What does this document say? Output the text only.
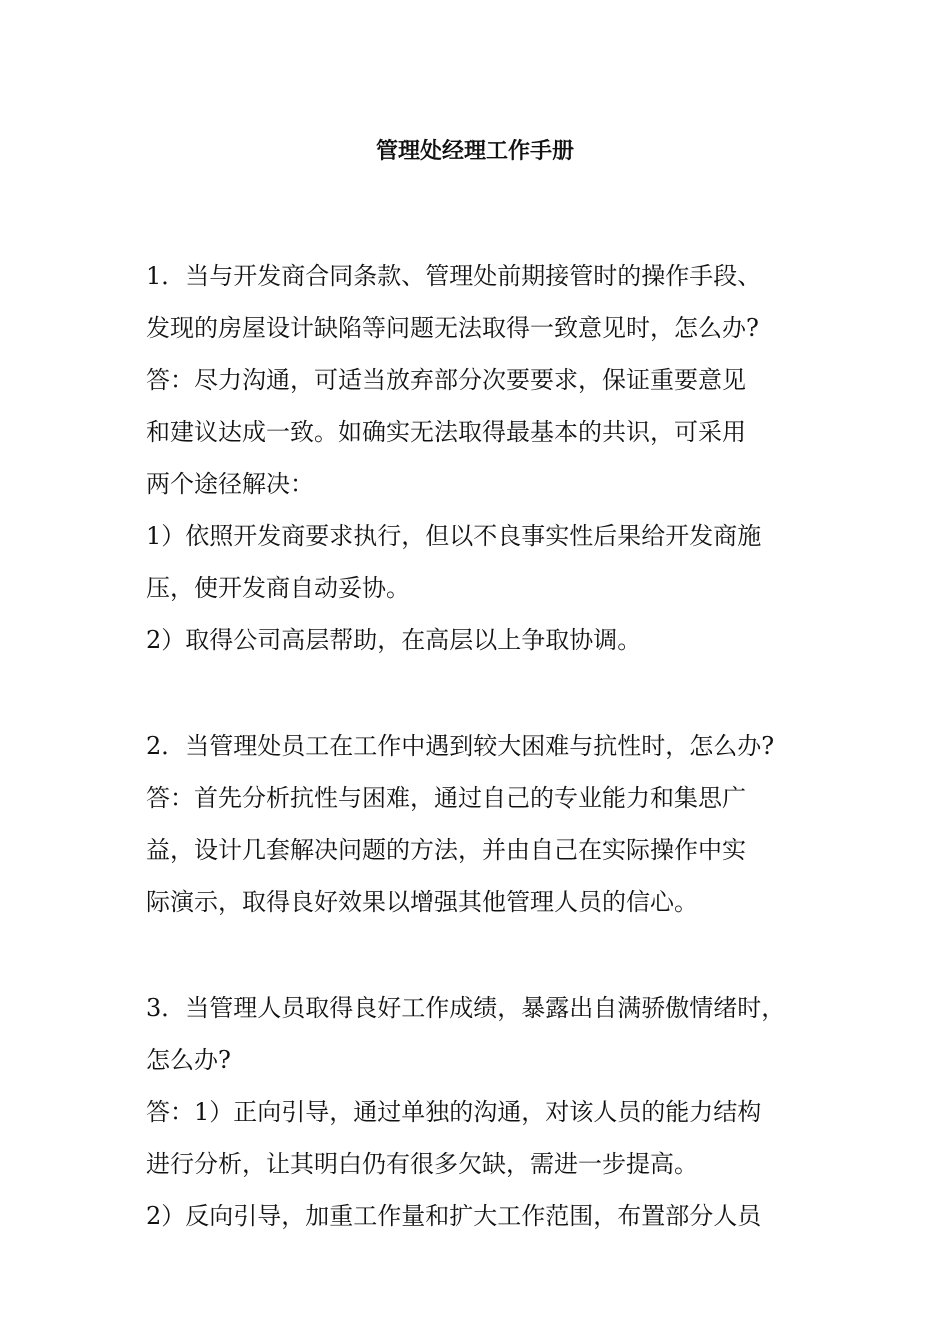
管理处经理工作手册
1．当与开发商合同条款、管理处前期接管时的操作手段、
发现的房屋设计缺陷等问题无法取得一致意见时，怎么办?
答：尽力沟通，可适当放弃部分次要要求，保证重要意见
和建议达成一致。如确实无法取得最基本的共识，可采用
两个途径解决：
1）依照开发商要求执行，但以不良事实性后果给开发商施
压，使开发商自动妥协。
2）取得公司高层帮助，在高层以上争取协调。
2．当管理处员工在工作中遇到较大困难与抗性时，怎么办?
答：首先分析抗性与困难，通过自己的专业能力和集思广
益，设计几套解决问题的方法，并由自己在实际操作中实
际演示，取得良好效果以增强其他管理人员的信心。
3．当管理人员取得良好工作成绩，暴露出自满骄傲情绪时，
怎么办?
答：1）正向引导，通过单独的沟通，对该人员的能力结构
进行分析，让其明白仍有很多欠缺，需进一步提高。
2）反向引导，加重工作量和扩大工作范围，布置部分人员
